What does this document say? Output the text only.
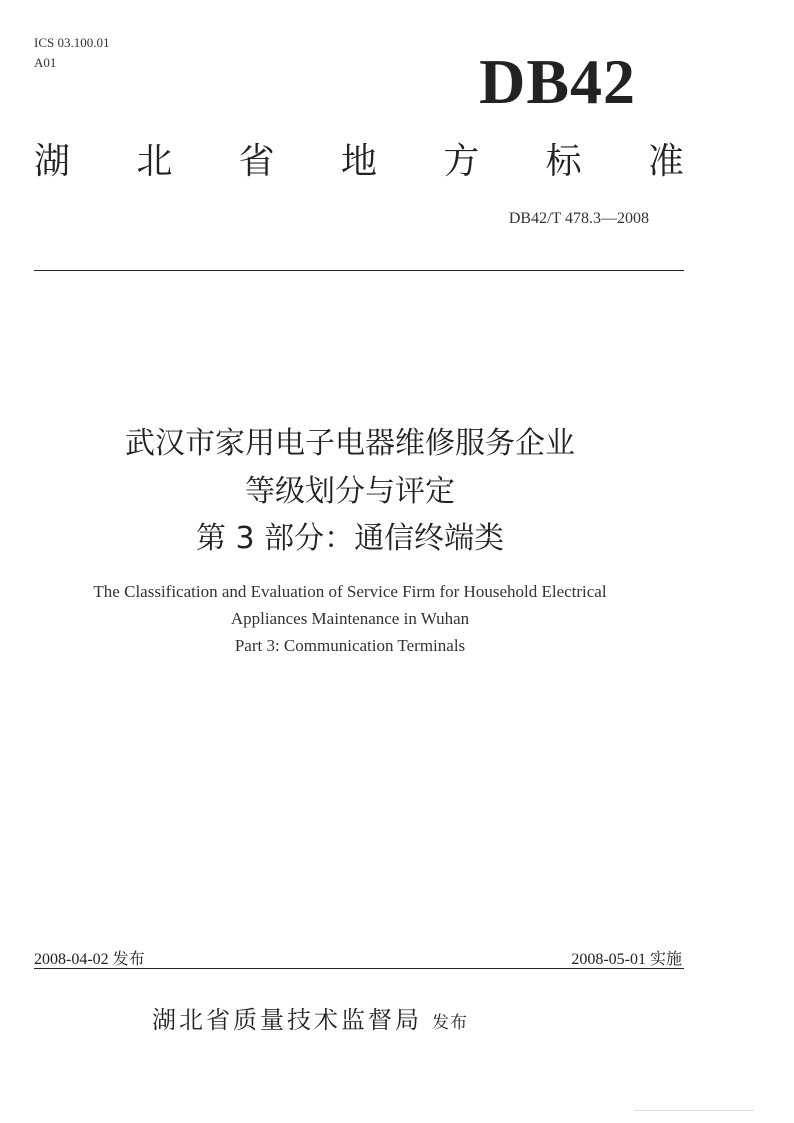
ICS 03.100.01
A01	DB42
湖 北 省 地 方 标 准
DB42/T 478.3—2008
武汉市家用电子电器维修服务企业
等级划分与评定
第 3 部分：通信终端类
The Classification and Evaluation of Service Firm for Household Electrical
Appliances Maintenance in Wuhan
Part 3: Communication Terminals
2008-04-02 发布	2008-05-01 实施
湖北省质量技术监督局 发布
